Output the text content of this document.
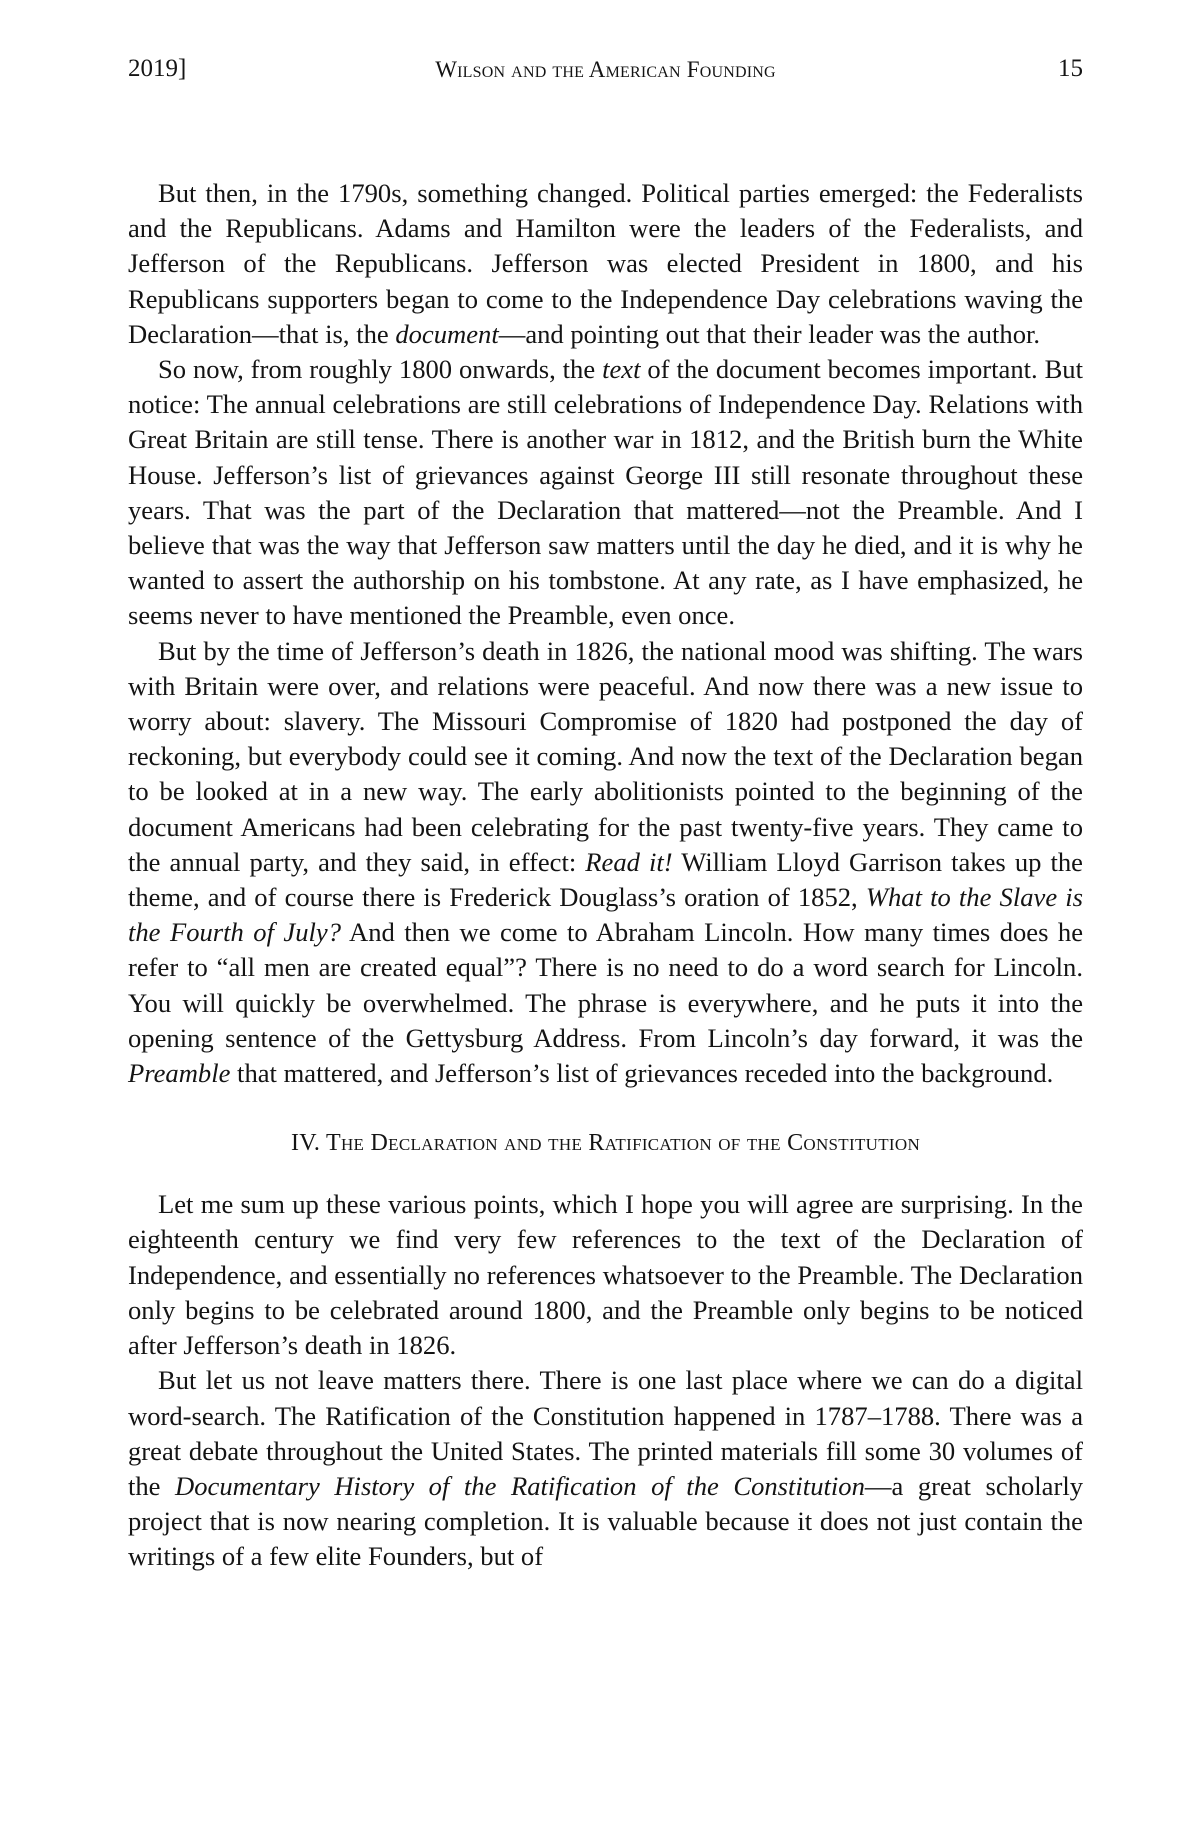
2019]	Wilson and the American Founding	15

But then, in the 1790s, something changed. Political parties emerged: the Federalists and the Republicans. Adams and Hamilton were the leaders of the Federalists, and Jefferson of the Republicans. Jefferson was elected President in 1800, and his Republicans supporters began to come to the Independence Day celebrations waving the Declaration—that is, the document—and pointing out that their leader was the author.

So now, from roughly 1800 onwards, the text of the document becomes important. But notice: The annual celebrations are still celebrations of Independence Day. Relations with Great Britain are still tense. There is another war in 1812, and the British burn the White House. Jefferson’s list of grievances against George III still resonate throughout these years. That was the part of the Declaration that mattered—not the Preamble. And I believe that was the way that Jefferson saw matters until the day he died, and it is why he wanted to assert the authorship on his tombstone. At any rate, as I have emphasized, he seems never to have mentioned the Preamble, even once.

But by the time of Jefferson’s death in 1826, the national mood was shifting. The wars with Britain were over, and relations were peaceful. And now there was a new issue to worry about: slavery. The Missouri Compromise of 1820 had postponed the day of reckoning, but everybody could see it coming. And now the text of the Declaration began to be looked at in a new way. The early abolitionists pointed to the beginning of the document Americans had been celebrating for the past twenty-five years. They came to the annual party, and they said, in effect: Read it! William Lloyd Garrison takes up the theme, and of course there is Frederick Douglass’s oration of 1852, What to the Slave is the Fourth of July? And then we come to Abraham Lincoln. How many times does he refer to “all men are created equal”? There is no need to do a word search for Lincoln. You will quickly be overwhelmed. The phrase is everywhere, and he puts it into the opening sentence of the Gettysburg Address. From Lincoln’s day forward, it was the Preamble that mattered, and Jefferson’s list of grievances receded into the background.

IV. The Declaration and the Ratification of the Constitution

Let me sum up these various points, which I hope you will agree are surprising. In the eighteenth century we find very few references to the text of the Declaration of Independence, and essentially no references whatsoever to the Preamble. The Declaration only begins to be celebrated around 1800, and the Preamble only begins to be noticed after Jefferson’s death in 1826.

But let us not leave matters there. There is one last place where we can do a digital word-search. The Ratification of the Constitution happened in 1787–1788. There was a great debate throughout the United States. The printed materials fill some 30 volumes of the Documentary History of the Ratification of the Constitution—a great scholarly project that is now nearing completion. It is valuable because it does not just contain the writings of a few elite Founders, but of
